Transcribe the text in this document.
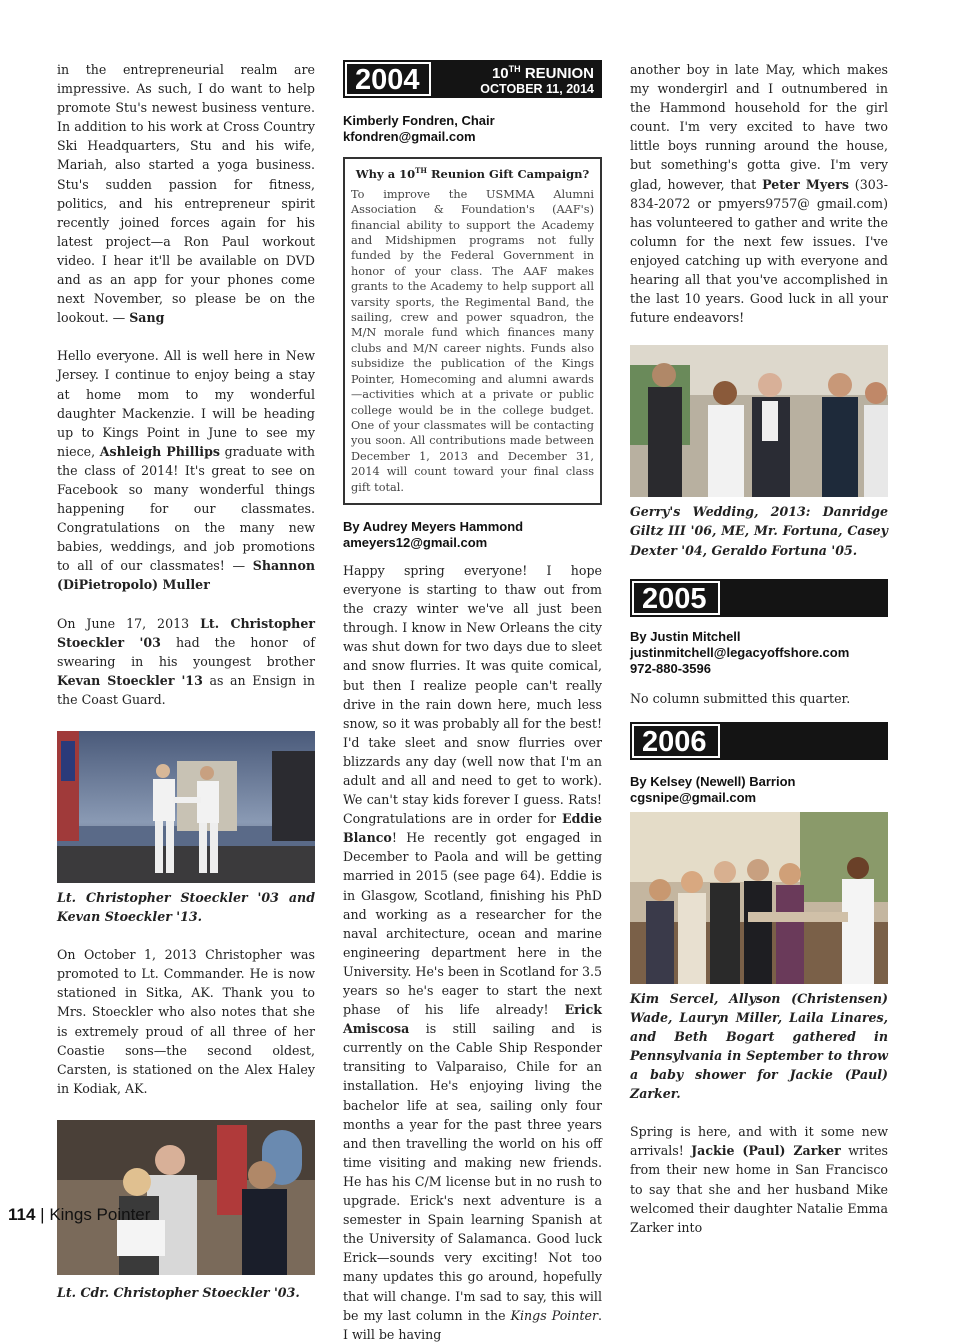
in the entrepreneurial realm are impressive. As such, I do want to help promote Stu's newest business venture. In addition to his work at Cross Country Ski Headquarters, Stu and his wife, Mariah, also started a yoga business. Stu's sudden passion for fitness, politics, and his entrepreneur spirit recently joined forces again for his latest project—a Ron Paul workout video. I hear it'll be available on DVD and as an app for your phones come next November, so please be on the lookout. — Sang

Hello everyone. All is well here in New Jersey. I continue to enjoy being a stay at home mom to my wonderful daughter Mackenzie. I will be heading up to Kings Point in June to see my niece, Ashleigh Phillips graduate with the class of 2014! It's great to see on Facebook so many wonderful things happening for our classmates. Congratulations on the many new babies, weddings, and job promotions to all of our classmates! — Shannon (DiPietropolo) Muller

On June 17, 2013 Lt. Christopher Stoeckler '03 had the honor of swearing in his youngest brother Kevan Stoeckler '13 as an Ensign in the Coast Guard.

Lt. Christopher Stoeckler '03 and Kevan Stoeckler '13.

On October 1, 2013 Christopher was promoted to Lt. Commander. He is now stationed in Sitka, AK. Thank you to Mrs. Stoeckler who also notes that she is extremely proud of all three of her Coastie sons—the second oldest, Carsten, is stationed on the Alex Haley in Kodiak, AK.

Lt. Cdr. Christopher Stoeckler '03.

2004	10TH REUNION
OCTOBER 11, 2014
Kimberly Fondren, Chair
kfondren@gmail.com
Why a 10TH Reunion Gift Campaign?

To improve the USMMA Alumni Association & Foundation's (AAF's) financial ability to support the Academy and Midshipmen programs not fully funded by the Federal Government in honor of your class. The AAF makes grants to the Academy to help support all varsity sports, the Regimental Band, the sailing, crew and power squadron, the M/N morale fund which finances many clubs and M/N career nights. Funds also subsidize the publication of the Kings Pointer, Homecoming and alumni awards—activities which at a private or public college would be in the college budget. One of your classmates will be contacting you soon. All contributions made between December 1, 2013 and December 31, 2014 will count toward your final class gift total.

By Audrey Meyers Hammond
ameyers12@gmail.com

Happy spring everyone! I hope everyone is starting to thaw out from the crazy winter we've all just been through. I know in New Orleans the city was shut down for two days due to sleet and snow flurries. It was quite comical, but then I realize people can't really drive in the rain down here, much less snow, so it was probably all for the best! I'd take sleet and snow flurries over blizzards any day (well now that I'm an adult and all and need to get to work). We can't stay kids forever I guess. Rats! Congratulations are in order for Eddie Blanco! He recently got engaged in December to Paola and will be getting married in 2015 (see page 64). Eddie is in Glasgow, Scotland, finishing his PhD and working as a researcher for the naval architecture, ocean and marine engineering department here in the University. He's been in Scotland for 3.5 years so he's eager to start the next phase of his life already! Erick Amiscosa is still sailing and is currently on the Cable Ship Responder transiting to Valparaiso, Chile for an installation. He's enjoying living the bachelor life at sea, sailing only four months a year for the past three years and then travelling the world on his off time visiting and making new friends. He has his C/M license but in no rush to upgrade. Erick's next adventure is a semester in Spain learning Spanish at the University of Salamanca. Good luck Erick—sounds very exciting! Not too many updates this go around, hopefully that will change. I'm sad to say, this will be my last column in the Kings Pointer. I will be having

another boy in late May, which makes my wondergirl and I outnumbered in the Hammond household for the girl count. I'm very excited to have two little boys running around the house, but something's gotta give. I'm very glad, however, that Peter Myers (303-834-2072 or pmyers9757@ gmail.com) has volunteered to gather and write the column for the next few issues. I've enjoyed catching up with everyone and hearing all that you've accomplished in the last 10 years. Good luck in all your future endeavors!

Gerry's Wedding, 2013: Danridge Giltz III '06, ME, Mr. Fortuna, Casey Dexter '04, Geraldo Fortuna '05.

2005
By Justin Mitchell
justinmitchell@legacyoffshore.com
972-880-3596

No column submitted this quarter.

2006
By Kelsey (Newell) Barrion
cgsnipe@gmail.com

Kim Sercel, Allyson (Christensen) Wade, Lauryn Miller, Laila Linares, and Beth Bogart gathered in Pennsylvania in September to throw a baby shower for Jackie (Paul) Zarker.

Spring is here, and with it some new arrivals! Jackie (Paul) Zarker writes from their new home in San Francisco to say that she and her husband Mike welcomed their daughter Natalie Emma Zarker into

114 | Kings Pointer
